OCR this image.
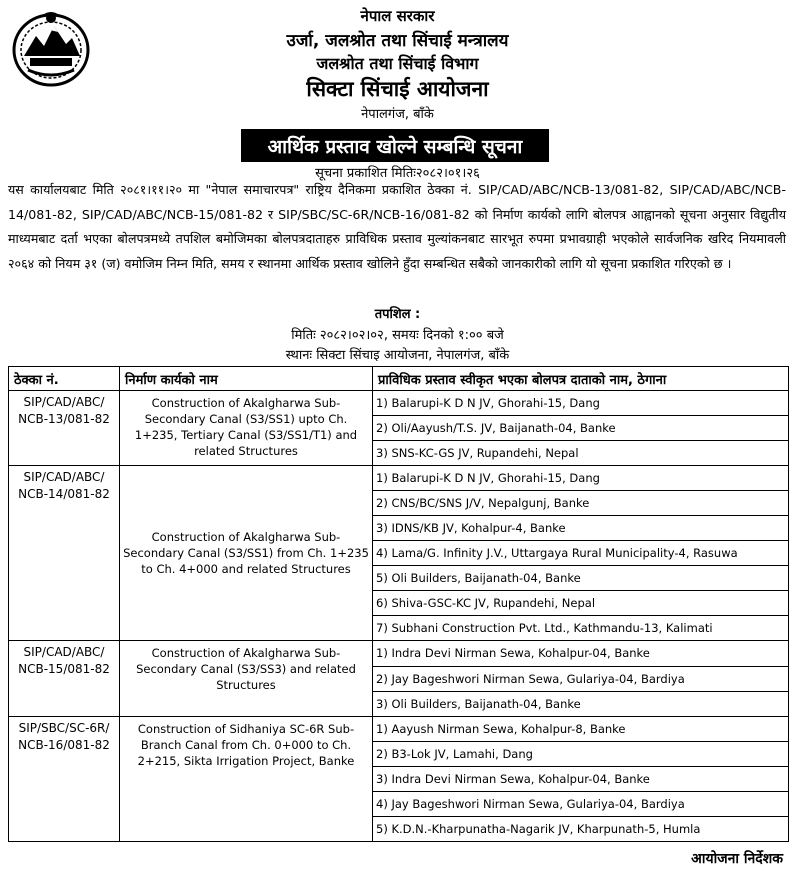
नेपाल सरकार
उर्जा, जलश्रोत तथा सिंचाई मन्त्रालय
जलश्रोत तथा सिंचाई विभाग
सिक्टा सिंचाई आयोजना
नेपालगंज, बाँके
आर्थिक प्रस्ताव खोल्ने सम्बन्धि सूचना
सूचना प्रकाशित मितिः२०८२।०१।२६
यस कार्यालयबाट मिति २०८१।११।२० मा "नेपाल समाचारपत्र" राष्ट्रिय दैनिकमा प्रकाशित ठेक्का नं. SIP/CAD/ABC/NCB-13/081-82, SIP/CAD/ABC/NCB-14/081-82, SIP/CAD/ABC/NCB-15/081-82 र SIP/SBC/SC-6R/NCB-16/081-82 को निर्माण कार्यको लागि बोलपत्र आह्वानको सूचना अनुसार विद्युतीय माध्यमबाट दर्ता भएका बोलपत्रमध्ये तपशिल बमोजिमका बोलपत्रदाताहरु प्राविधिक प्रस्ताव मुल्यांकनबाट सारभूत रुपमा प्रभावग्राही भएकोले सार्वजनिक खरिद नियमावली २०६४ को नियम ३१ (ज) वमोजिम निम्न मिति, समय र स्थानमा आर्थिक प्रस्ताव खोलिने हुँदा सम्बन्धित सबैको जानकारीको लागि यो सूचना प्रकाशित गरिएको छ ।
तपशिल :
मितिः २०८२।०२।०२, समयः दिनको १:०० बजे
स्थानः सिक्टा सिंचाइ आयोजना, नेपालगंज, बाँके
ठेक्का नं.	निर्माण कार्यको नाम	प्राविधिक प्रस्ताव स्वीकृत भएका बोलपत्र दाताको नाम, ठेगाना

SIP/CAD/ABC/
NCB-13/081-82	Construction of Akalgharwa Sub-Secondary Canal (S3/SS1) upto Ch. 1+235, Tertiary Canal (S3/SS1/T1) and related Structures	1) Balarupi-K D N JV, Ghorahi-15, Dang
		2) Oli/Aayush/T.S. JV, Baijanath-04, Banke
		3) SNS-KC-GS JV, Rupandehi, Nepal

SIP/CAD/ABC/
NCB-14/081-82	Construction of Akalgharwa Sub-Secondary Canal (S3/SS1) from Ch. 1+235 to Ch. 4+000 and related Structures	1) Balarupi-K D N JV, Ghorahi-15, Dang
		2) CNS/BC/SNS J/V, Nepalgunj, Banke
		3) IDNS/KB JV, Kohalpur-4, Banke
		4) Lama/G. Infinity J.V., Uttargaya Rural Municipality-4, Rasuwa
		5) Oli Builders, Baijanath-04, Banke
		6) Shiva-GSC-KC JV, Rupandehi, Nepal
		7) Subhani Construction Pvt. Ltd., Kathmandu-13, Kalimati

SIP/CAD/ABC/
NCB-15/081-82	Construction of Akalgharwa Sub-Secondary Canal (S3/SS3) and related Structures	1) Indra Devi Nirman Sewa, Kohalpur-04, Banke
		2) Jay Bageshwori Nirman Sewa, Gulariya-04, Bardiya
		3) Oli Builders, Baijanath-04, Banke

SIP/SBC/SC-6R/
NCB-16/081-82	Construction of Sidhaniya SC-6R Sub-Branch Canal from Ch. 0+000 to Ch. 2+215, Sikta Irrigation Project, Banke	1) Aayush Nirman Sewa, Kohalpur-8, Banke
		2) B3-Lok JV, Lamahi, Dang
		3) Indra Devi Nirman Sewa, Kohalpur-04, Banke
		4) Jay Bageshwori Nirman Sewa, Gulariya-04, Bardiya
		5) K.D.N.-Kharpunatha-Nagarik JV, Kharpunath-5, Humla
आयोजना निर्देशक
